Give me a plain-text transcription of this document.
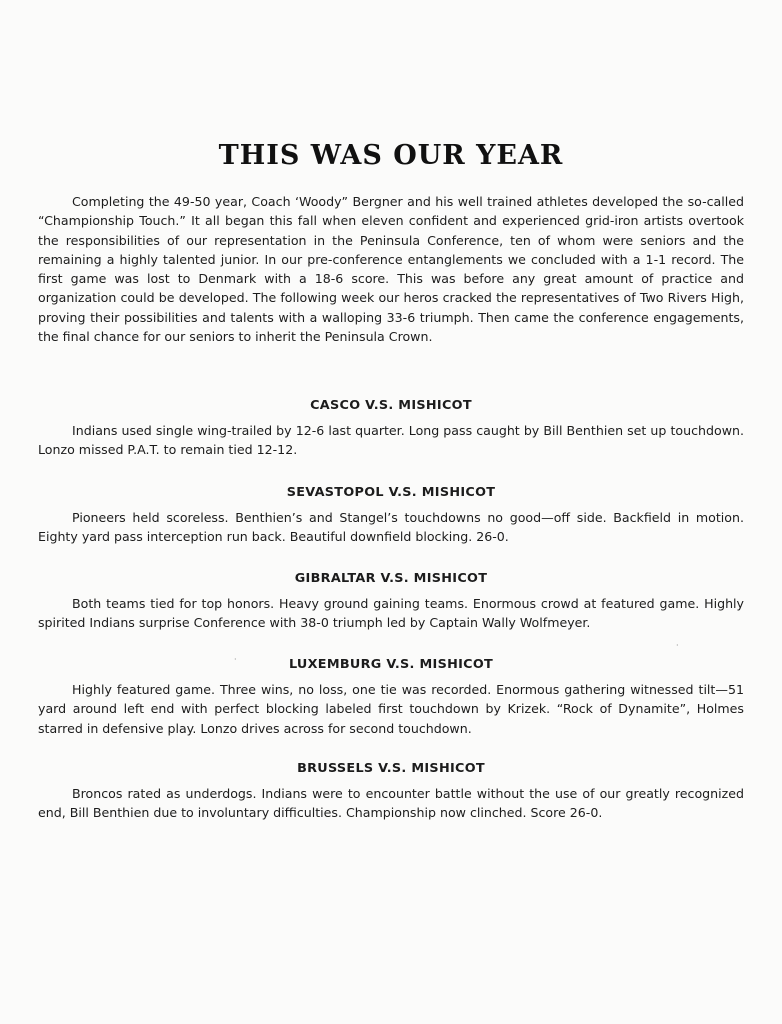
THIS WAS OUR YEAR

Completing the 49-50 year, Coach ‘Woody” Bergner and his well trained athletes developed the so-called “Championship Touch.” It all began this fall when eleven confident and experienced grid-iron artists overtook the responsibilities of our representation in the Peninsula Conference, ten of whom were seniors and the remaining a highly talented junior. In our pre-conference entanglements we concluded with a 1-1 record. The first game was lost to Denmark with a 18-6 score. This was before any great amount of practice and organization could be developed. The following week our heros cracked the representatives of Two Rivers High, proving their possibilities and talents with a walloping 33-6 triumph. Then came the conference engagements, the final chance for our seniors to inherit the Peninsula Crown.

CASCO V.S. MISHICOT

Indians used single wing-trailed by 12-6 last quarter. Long pass caught by Bill Benthien set up touchdown. Lonzo missed P.A.T. to remain tied 12-12.

SEVASTOPOL V.S. MISHICOT

Pioneers held scoreless. Benthien’s and Stangel’s touchdowns no good—off side. Backfield in motion. Eighty yard pass interception run back. Beautiful downfield blocking. 26-0.

GIBRALTAR V.S. MISHICOT

Both teams tied for top honors. Heavy ground gaining teams. Enormous crowd at featured game. Highly spirited Indians surprise Conference with 38-0 triumph led by Captain Wally Wolfmeyer.

LUXEMBURG V.S. MISHICOT

Highly featured game. Three wins, no loss, one tie was recorded. Enormous gathering witnessed tilt—51 yard around left end with perfect blocking labeled first touchdown by Krizek. “Rock of Dynamite”, Holmes starred in defensive play. Lonzo drives across for second touchdown.

BRUSSELS V.S. MISHICOT

Broncos rated as underdogs. Indians were to encounter battle without the use of our greatly recognized end, Bill Benthien due to involuntary difficulties. Championship now clinched. Score 26-0.

·
·
